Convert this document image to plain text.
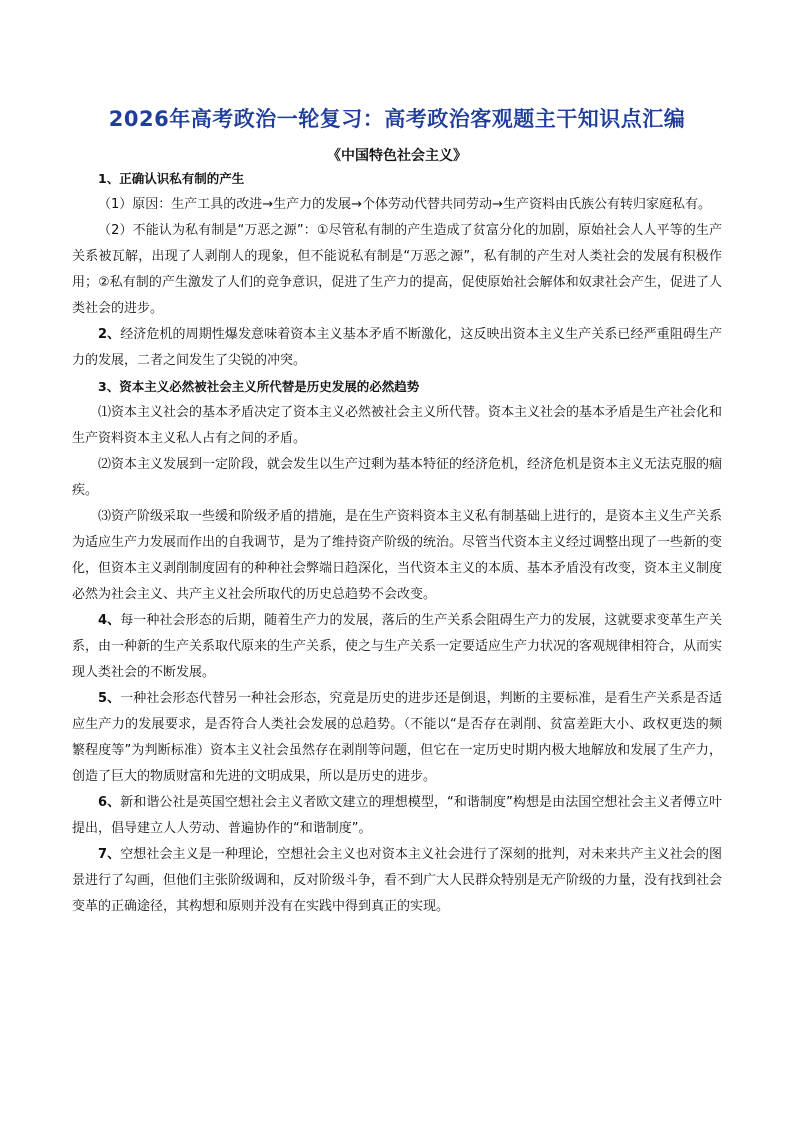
2026年高考政治一轮复习：高考政治客观题主干知识点汇编
《中国特色社会主义》

1、正确认识私有制的产生

（1）原因：生产工具的改进→生产力的发展→个体劳动代替共同劳动→生产资料由氏族公有转归家庭私有。

（2）不能认为私有制是“万恶之源”：①尽管私有制的产生造成了贫富分化的加剧，原始社会人人平等的生产关系被瓦解，出现了人剥削人的现象，但不能说私有制是“万恶之源”，私有制的产生对人类社会的发展有积极作用；②私有制的产生激发了人们的竞争意识，促进了生产力的提高，促使原始社会解体和奴隶社会产生，促进了人类社会的进步。

2、经济危机的周期性爆发意味着资本主义基本矛盾不断激化，这反映出资本主义生产关系已经严重阻碍生产力的发展，二者之间发生了尖锐的冲突。

3、资本主义必然被社会主义所代替是历史发展的必然趋势

⑴资本主义社会的基本矛盾决定了资本主义必然被社会主义所代替。资本主义社会的基本矛盾是生产社会化和生产资料资本主义私人占有之间的矛盾。

⑵资本主义发展到一定阶段，就会发生以生产过剩为基本特征的经济危机，经济危机是资本主义无法克服的痼疾。

⑶资产阶级采取一些缓和阶级矛盾的措施，是在生产资料资本主义私有制基础上进行的，是资本主义生产关系为适应生产力发展而作出的自我调节，是为了维持资产阶级的统治。尽管当代资本主义经过调整出现了一些新的变化，但资本主义剥削制度固有的种种社会弊端日趋深化，当代资本主义的本质、基本矛盾没有改变，资本主义制度必然为社会主义、共产主义社会所取代的历史总趋势不会改变。

4、每一种社会形态的后期，随着生产力的发展，落后的生产关系会阻碍生产力的发展，这就要求变革生产关系，由一种新的生产关系取代原来的生产关系，使之与生产关系一定要适应生产力状况的客观规律相符合，从而实现人类社会的不断发展。

5、一种社会形态代替另一种社会形态，究竟是历史的进步还是倒退，判断的主要标准，是看生产关系是否适应生产力的发展要求，是否符合人类社会发展的总趋势。（不能以“是否存在剥削、贫富差距大小、政权更迭的频繁程度等”为判断标准）资本主义社会虽然存在剥削等问题，但它在一定历史时期内极大地解放和发展了生产力，创造了巨大的物质财富和先进的文明成果，所以是历史的进步。

6、新和谐公社是英国空想社会主义者欧文建立的理想模型，“和谐制度”构想是由法国空想社会主义者傅立叶提出，倡导建立人人劳动、普遍协作的“和谐制度”。

7、空想社会主义是一种理论，空想社会主义也对资本主义社会进行了深刻的批判，对未来共产主义社会的图景进行了勾画，但他们主张阶级调和，反对阶级斗争，看不到广大人民群众特别是无产阶级的力量，没有找到社会变革的正确途径，其构想和原则并没有在实践中得到真正的实现。
